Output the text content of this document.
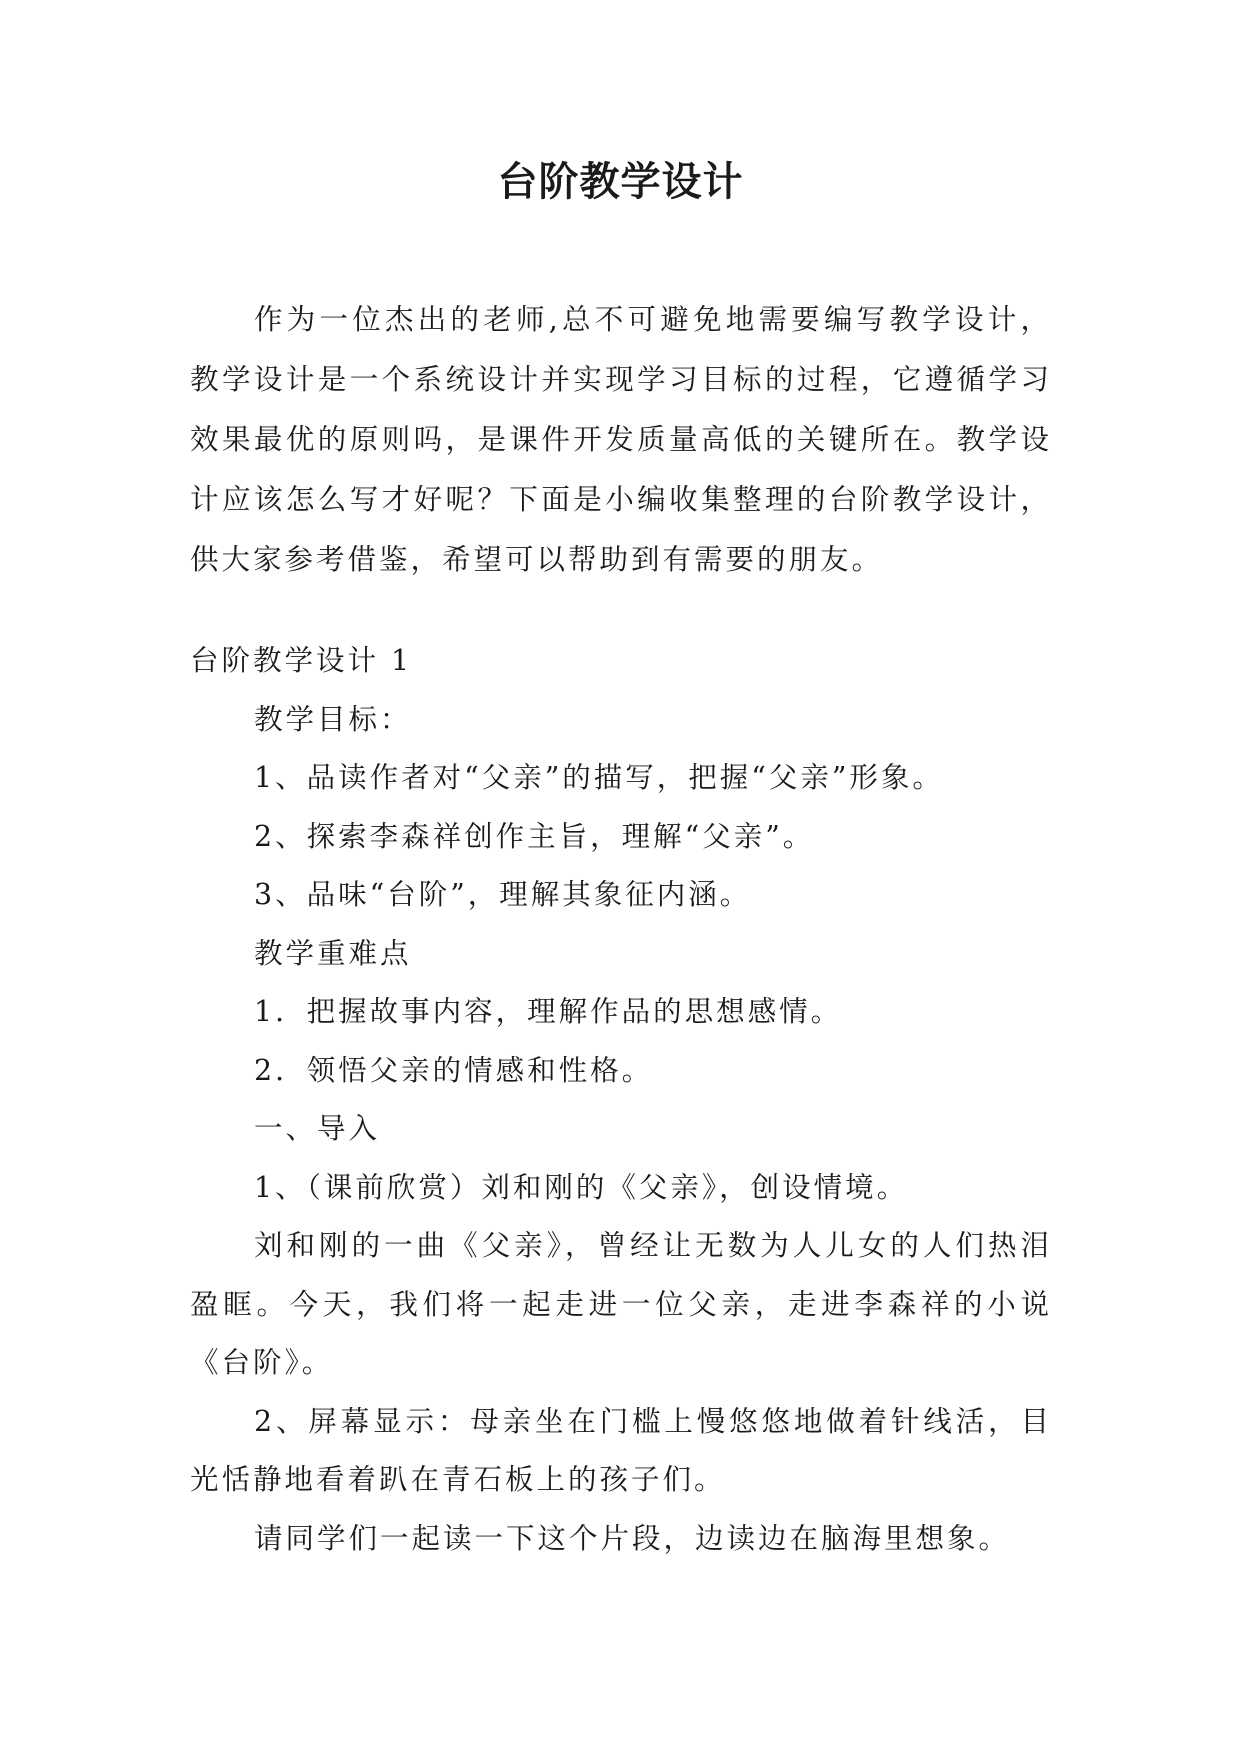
台阶教学设计

作为一位杰出的老师,总不可避免地需要编写教学设计，教学设计是一个系统设计并实现学习目标的过程，它遵循学习效果最优的原则吗，是课件开发质量高低的关键所在。教学设计应该怎么写才好呢？下面是小编收集整理的台阶教学设计，供大家参考借鉴，希望可以帮助到有需要的朋友。

台阶教学设计 1

教学目标：

1、品读作者对“父亲”的描写，把握“父亲”形象。

2、探索李森祥创作主旨，理解“父亲”。

3、品味“台阶”，理解其象征内涵。

教学重难点

1．把握故事内容，理解作品的思想感情。

2．领悟父亲的情感和性格。

一、导入

1、（课前欣赏）刘和刚的《父亲》，创设情境。

刘和刚的一曲《父亲》，曾经让无数为人儿女的人们热泪盈眶。今天，我们将一起走进一位父亲，走进李森祥的小说《台阶》。

2、屏幕显示：母亲坐在门槛上慢悠悠地做着针线活，目光恬静地看着趴在青石板上的孩子们。

请同学们一起读一下这个片段，边读边在脑海里想象。
